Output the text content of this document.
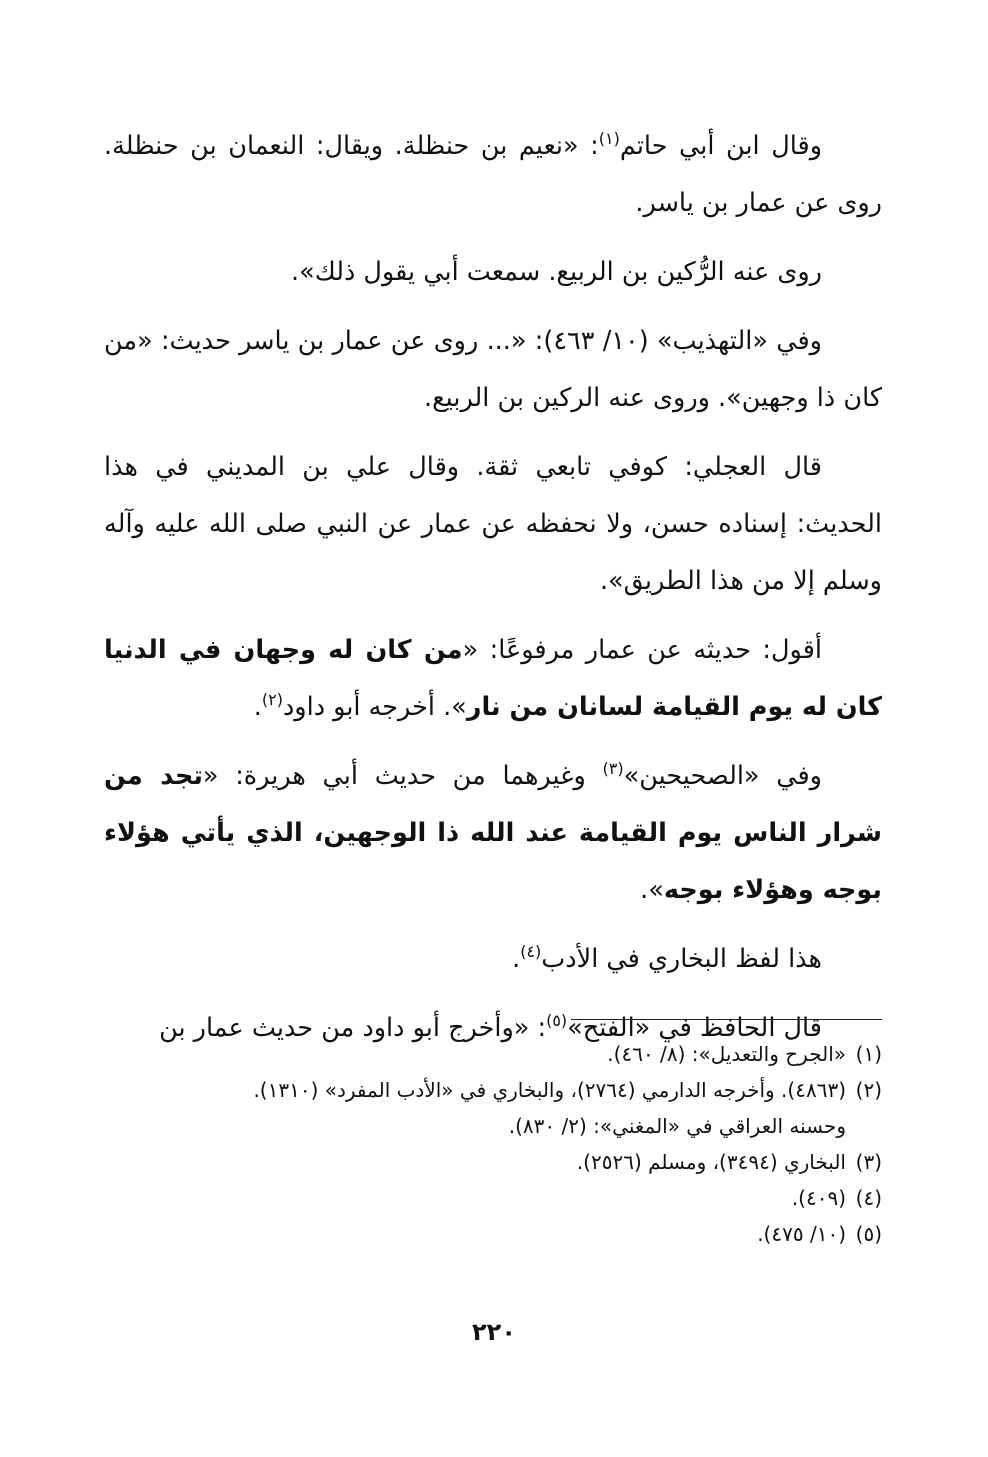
وقال ابن أبي حاتم$^{(١)}$: «نعيم بن حنظلة. ويقال: النعمان بن حنظلة. روى عن عمار بن ياسر.

روى عنه الرُّكين بن الربيع. سمعت أبي يقول ذلك».

وفي «التهذيب» (١٠/ ٤٦٣): «... روى عن عمار بن ياسر حديث: «من كان ذا وجهين». وروى عنه الركين بن الربيع.

قال العجلي: كوفي تابعي ثقة. وقال علي بن المديني في هذا الحديث: إسناده حسن، ولا نحفظه عن عمار عن النبي صلى الله عليه وآله وسلم إلا من هذا الطريق».

أقول: حديثه عن عمار مرفوعًا: «من كان له وجهان في الدنيا كان له يوم القيامة لسانان من نار». أخرجه أبو داود$^{(٢)}$.

وفي «الصحيحين»$^{(٣)}$ وغيرهما من حديث أبي هريرة: «تجد من شرار الناس يوم القيامة عند الله ذا الوجهين، الذي يأتي هؤلاء بوجه وهؤلاء بوجه».

هذا لفظ البخاري في الأدب$^{(٤)}$.

قال الحافظ في «الفتح»$^{(٥)}$: «وأخرج أبو داود من حديث عمار بن

(١)«الجرح والتعديل»: (٨/ ٤٦٠).

(٢)(٤٨٦٣). وأخرجه الدارمي (٢٧٦٤)، والبخاري في «الأدب المفرد» (١٣١٠).
وحسنه العراقي في «المغني»: (٢/ ٨٣٠).

(٣)البخاري (٣٤٩٤)، ومسلم (٢٥٢٦).

(٤)(٤٠٩).

(٥)(١٠/ ٤٧٥).

٢٢٠
